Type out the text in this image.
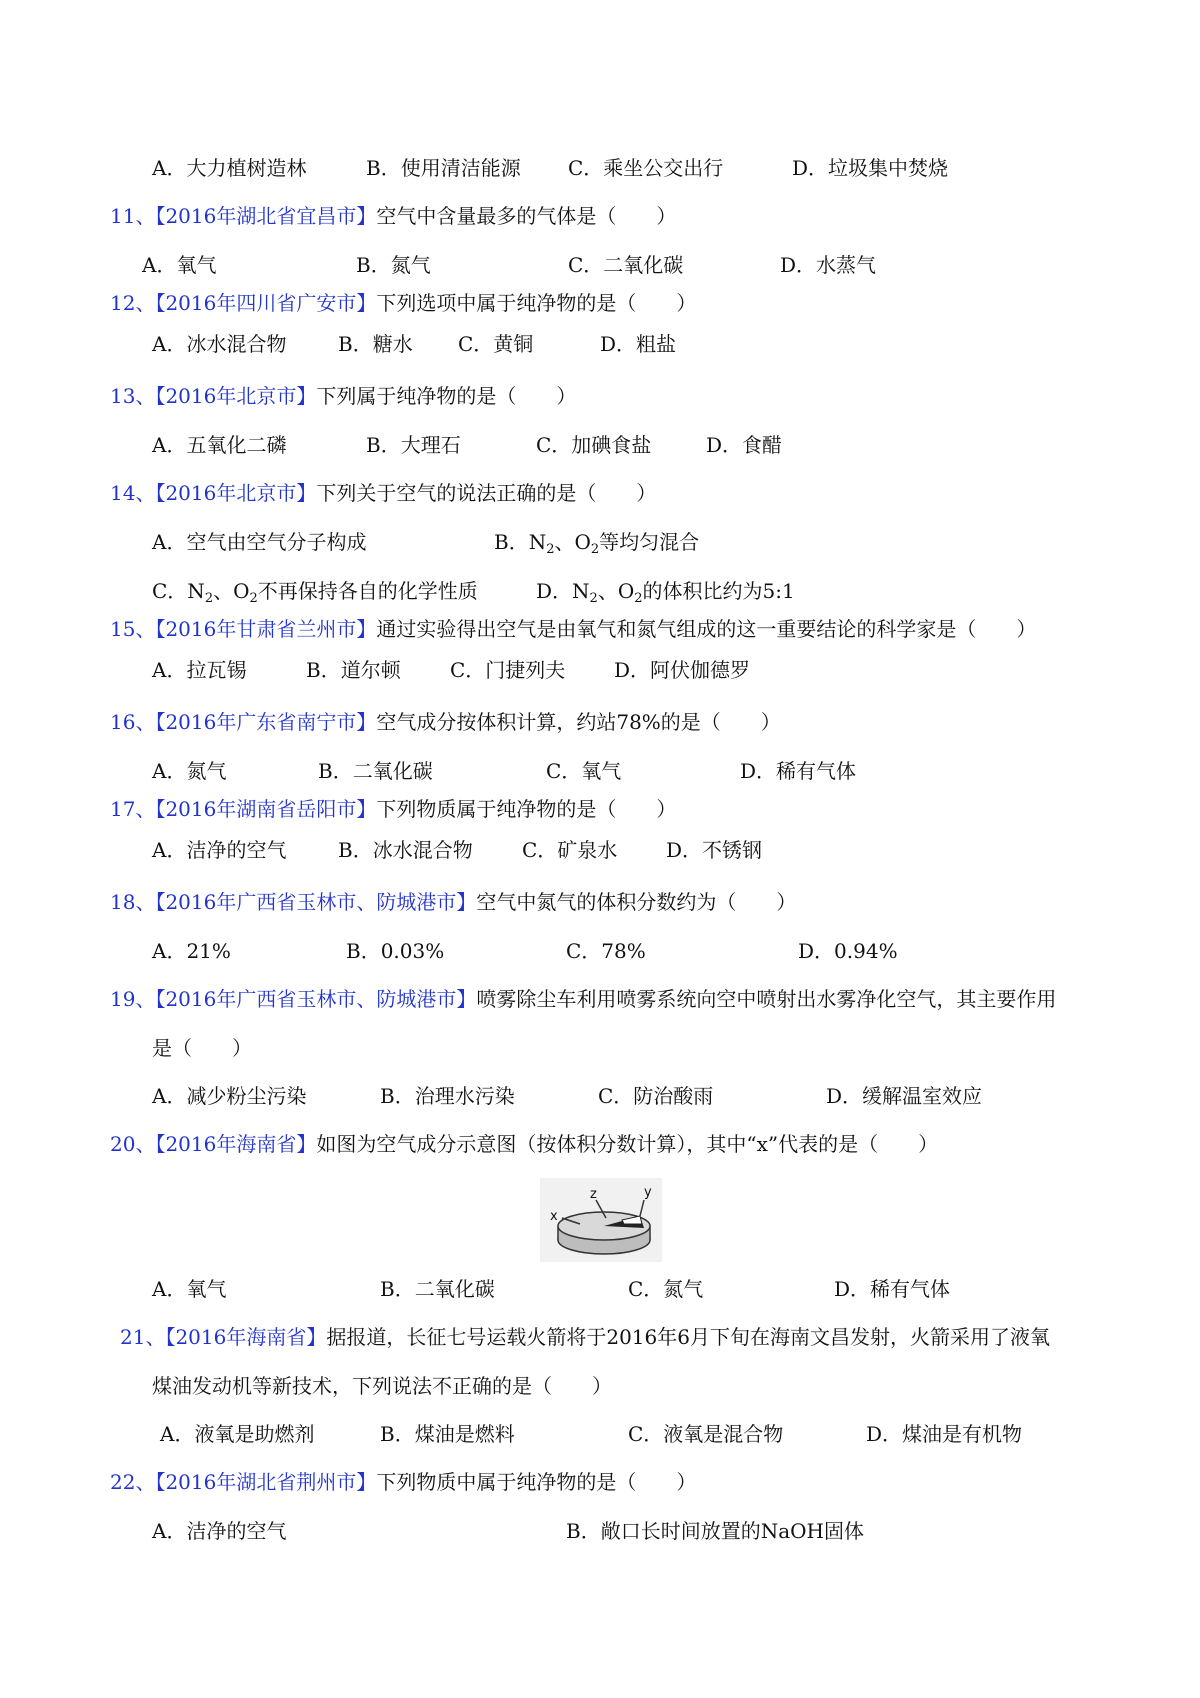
A．大力植树造林	B．使用清洁能源 C．乘坐公交出行	D．垃圾集中焚烧
11、【2016年湖北省宜昌市】空气中含量最多的气体是（　　）
A．氧气	B．氮气	C．二氧化碳	D．水蒸气
12、【2016年四川省广安市】下列选项中属于纯净物的是（　　）
A．冰水混合物	B．糖水 C．黄铜	D．粗盐
13、【2016年北京市】下列属于纯净物的是（　　）
A．五氧化二磷	B．大理石	C．加碘食盐	D．食醋
14、【2016年北京市】下列关于空气的说法正确的是（　　）
A．空气由空气分子构成	B．$N_2$、$O_2$等均匀混合
C．$N_2$、$O_2$不再保持各自的化学性质	D．$N_2$、$O_2$的体积比约为5:1
15、【2016年甘肃省兰州市】通过实验得出空气是由氧气和氮气组成的这一重要结论的科学家是（　　）
A．拉瓦锡	B．道尔顿 C．门捷列夫 D．阿伏伽德罗
16、【2016年广东省南宁市】空气成分按体积计算，约站78%的是（　　）
A．氮气	B．二氧化碳	C．氧气	D．稀有气体
17、【2016年湖南省岳阳市】下列物质属于纯净物的是（　　）
A．洁净的空气	B．冰水混合物 C．矿泉水 D．不锈钢
18、【2016年广西省玉林市、防城港市】空气中氮气的体积分数约为（　　）
A．21%	B．0.03%	C．78%	D．0.94%
19、【2016年广西省玉林市、防城港市】喷雾除尘车利用喷雾系统向空中喷射出水雾净化空气，其主要作用
是（　　）
A．减少粉尘污染	B．治理水污染	C．防治酸雨	D．缓解温室效应
20、【2016年海南省】如图为空气成分示意图（按体积分数计算），其中“x”代表的是（　　）
x
z	y
A．氧气	B．二氧化碳	C．氮气	D．稀有气体
21、【2016年海南省】据报道，长征七号运载火箭将于2016年6月下旬在海南文昌发射，火箭采用了液氧
煤油发动机等新技术，下列说法不正确的是（　　）
A．液氧是助燃剂	B．煤油是燃料	C．液氧是混合物	D．煤油是有机物
22、【2016年湖北省荆州市】下列物质中属于纯净物的是（　　）
A．洁净的空气	B．敞口长时间放置的NaOH固体
